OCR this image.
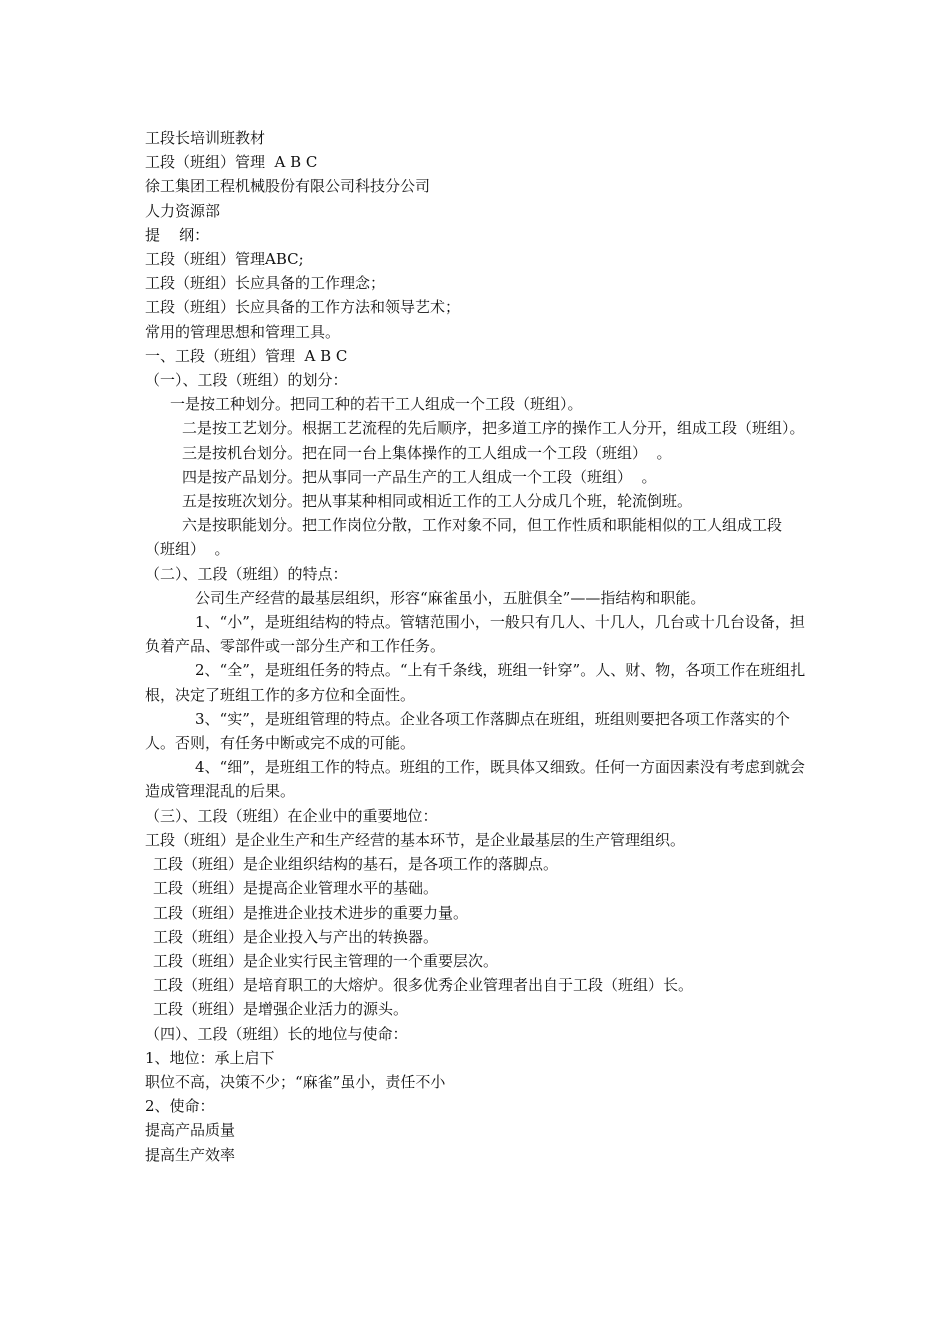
工段长培训班教材

工段（班组）管理  A B C

徐工集团工程机械股份有限公司科技分公司

人力资源部

提    纲：

工段（班组）管理ABC;

工段（班组）长应具备的工作理念；

工段（班组）长应具备的工作方法和领导艺术；

常用的管理思想和管理工具。

一、工段（班组）管理  A B C

（一）、工段（班组）的划分：

一是按工种划分。把同工种的若干工人组成一个工段（班组）。

二是按工艺划分。根据工艺流程的先后顺序，把多道工序的操作工人分开，组成工段（班组）。

三是按机台划分。把在同一台上集体操作的工人组成一个工段（班组）  。

四是按产品划分。把从事同一产品生产的工人组成一个工段（班组）  。

五是按班次划分。把从事某种相同或相近工作的工人分成几个班，轮流倒班。

六是按职能划分。把工作岗位分散，工作对象不同，但工作性质和职能相似的工人组成工段（班组）  。

（二）、工段（班组）的特点：

公司生产经营的最基层组织，形容“麻雀虽小，五脏俱全”——指结构和职能。

1、“小”，是班组结构的特点。管辖范围小，一般只有几人、十几人，几台或十几台设备，担负着产品、零部件或一部分生产和工作任务。

2、“全”，是班组任务的特点。“上有千条线，班组一针穿”。人、财、物，各项工作在班组扎根，决定了班组工作的多方位和全面性。

3、“实”，是班组管理的特点。企业各项工作落脚点在班组，班组则要把各项工作落实的个人。否则，有任务中断或完不成的可能。

4、“细”，是班组工作的特点。班组的工作，既具体又细致。任何一方面因素没有考虑到就会造成管理混乱的后果。

（三）、工段（班组）在企业中的重要地位：

工段（班组）是企业生产和生产经营的基本环节，是企业最基层的生产管理组织。

工段（班组）是企业组织结构的基石，是各项工作的落脚点。

工段（班组）是提高企业管理水平的基础。

工段（班组）是推进企业技术进步的重要力量。

工段（班组）是企业投入与产出的转换器。

工段（班组）是企业实行民主管理的一个重要层次。

工段（班组）是培育职工的大熔炉。很多优秀企业管理者出自于工段（班组）长。

工段（班组）是增强企业活力的源头。

（四）、工段（班组）长的地位与使命：

1、地位：承上启下

职位不高，决策不少；“麻雀”虽小，责任不小

2、使命：

提高产品质量

提高生产效率
